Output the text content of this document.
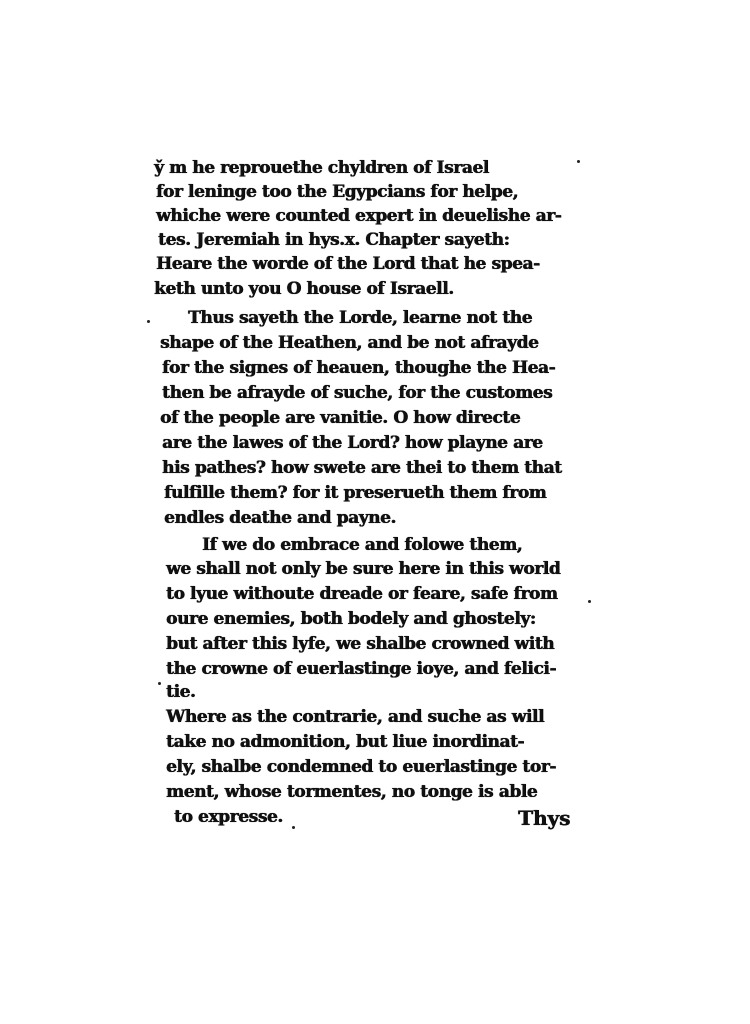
y̌ m he reprouethe chyldren of Israel
for leninge too the Egypcians for helpe,
whiche were counted expert in deuelishe ar-
tes. Jeremiah in hys.x. Chapter sayeth:
Heare the worde of the Lord that he spea-
keth unto you O house of Israell.
Thus sayeth the Lorde, learne not the
shape of the Heathen, and be not afrayde
for the signes of heauen, thoughe the Hea-
then be afrayde of suche, for the customes
of the people are vanitie. O how directe
are the lawes of the Lord? how playne are
his pathes? how swete are thei to them that
fulfille them? for it preserueth them from
endles deathe and payne.
If we do embrace and folowe them,
we shall not only be sure here in this world
to lyue withoute dreade or feare, safe from
oure enemies, both bodely and ghostely:
but after this lyfe, we shalbe crowned with
the crowne of euerlastinge ioye, and felici-
tie.
Where as the contrarie, and suche as will
take no admonition, but liue inordinat-
ely, shalbe condemned to euerlastinge tor-
ment, whose tormentes, no tonge is able
to expresse.	Thys
